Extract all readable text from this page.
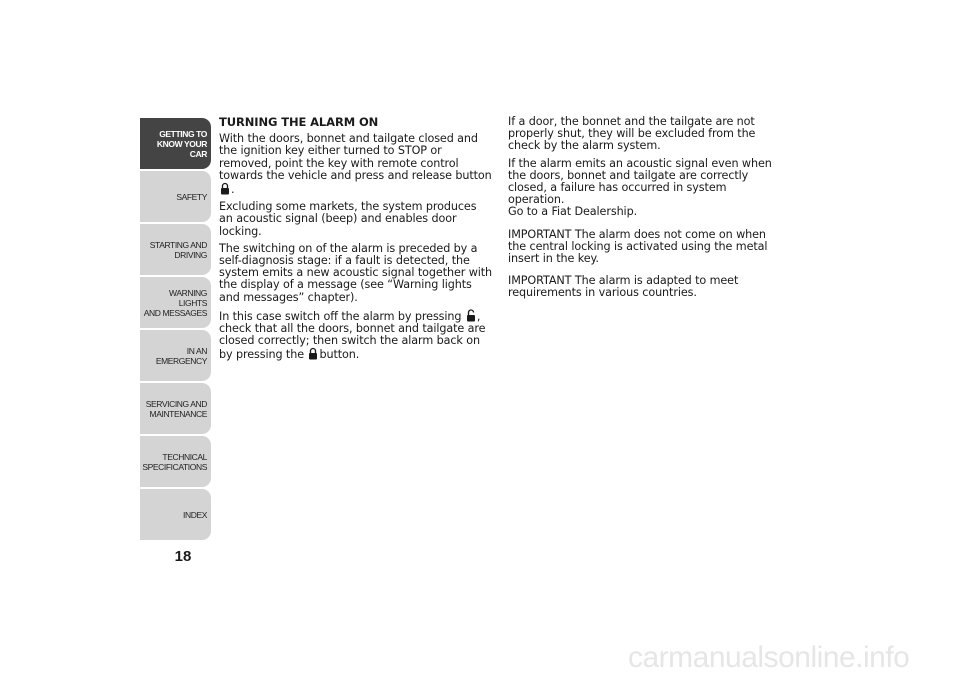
GETTING TO
KNOW YOUR CAR
SAFETY
STARTING AND
DRIVING
WARNING LIGHTS
AND MESSAGES
IN AN EMERGENCY
SERVICING AND
MAINTENANCE
TECHNICAL
SPECIFICATIONS
INDEX
18

TURNING THE ALARM ON

With the doors, bonnet and tailgate closed and the ignition key either turned to STOP or removed, point the key with remote control towards the vehicle and press and release button .

Excluding some markets, the system produces an acoustic signal (beep) and enables door locking.

The switching on of the alarm is preceded by a self-diagnosis stage: if a fault is detected, the system emits a new acoustic signal together with the display of a message (see “Warning lights and messages” chapter).

In this case switch off the alarm by pressing , check that all the doors, bonnet and tailgate are closed correctly; then switch the alarm back on by pressing the button.

If a door, the bonnet and the tailgate are not properly shut, they will be excluded from the check by the alarm system.

If the alarm emits an acoustic signal even when the doors, bonnet and tailgate are correctly closed, a failure has occurred in system operation.

Go to a Fiat Dealership.

IMPORTANT The alarm does not come on when the central locking is activated using the metal insert in the key.

IMPORTANT The alarm is adapted to meet requirements in various countries.

carmanualsonline.info
